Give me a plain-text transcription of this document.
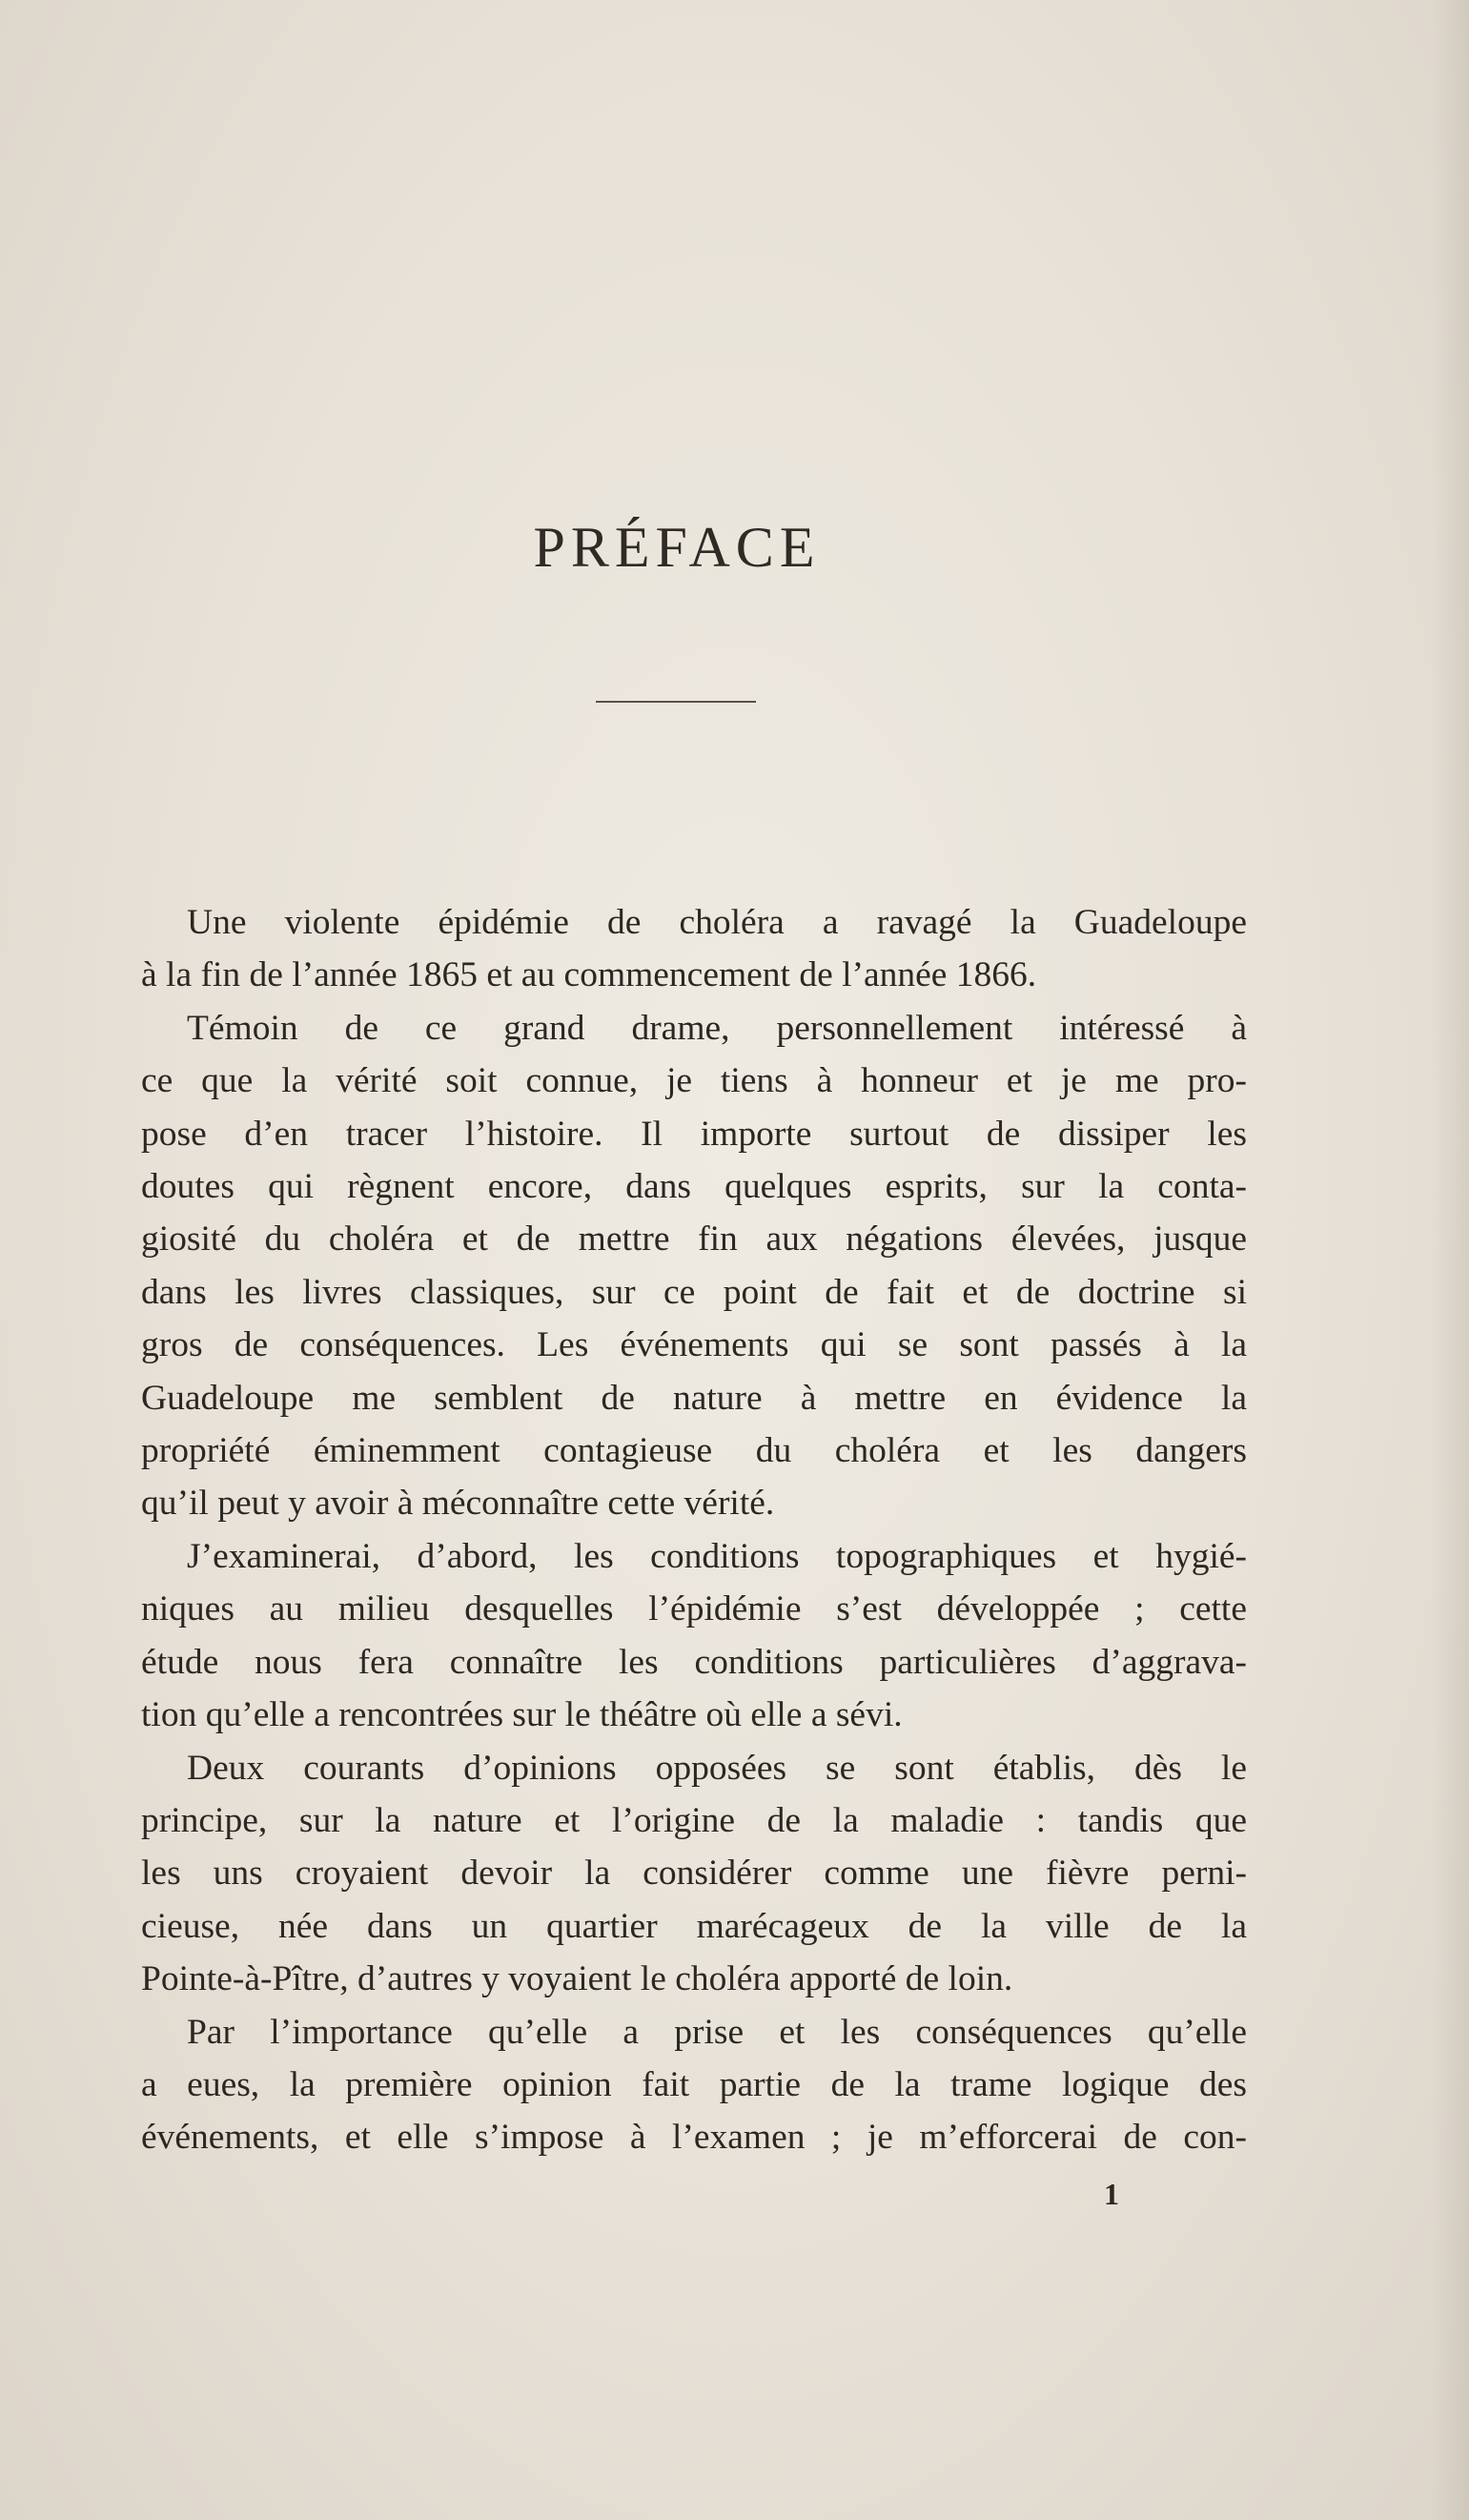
PRÉFACE
Une violente épidémie de choléra a ravagé la Guadeloupe
à la fin de l’année 1865 et au commencement de l’année 1866.
Témoin de ce grand drame, personnellement intéressé à
ce que la vérité soit connue, je tiens à honneur et je me pro-
pose d’en tracer l’histoire. Il importe surtout de dissiper les
doutes qui règnent encore, dans quelques esprits, sur la conta-
giosité du choléra et de mettre fin aux négations élevées, jusque
dans les livres classiques, sur ce point de fait et de doctrine si
gros de conséquences. Les événements qui se sont passés à la
Guadeloupe me semblent de nature à mettre en évidence la
propriété éminemment contagieuse du choléra et les dangers
qu’il peut y avoir à méconnaître cette vérité.
J’examinerai, d’abord, les conditions topographiques et hygié-
niques au milieu desquelles l’épidémie s’est développée ; cette
étude nous fera connaître les conditions particulières d’aggrava-
tion qu’elle a rencontrées sur le théâtre où elle a sévi.
Deux courants d’opinions opposées se sont établis, dès le
principe, sur la nature et l’origine de la maladie : tandis que
les uns croyaient devoir la considérer comme une fièvre perni-
cieuse, née dans un quartier marécageux de la ville de la
Pointe-à-Pître, d’autres y voyaient le choléra apporté de loin.
Par l’importance qu’elle a prise et les conséquences qu’elle
a eues, la première opinion fait partie de la trame logique des
événements, et elle s’impose à l’examen ; je m’efforcerai de con-
1
